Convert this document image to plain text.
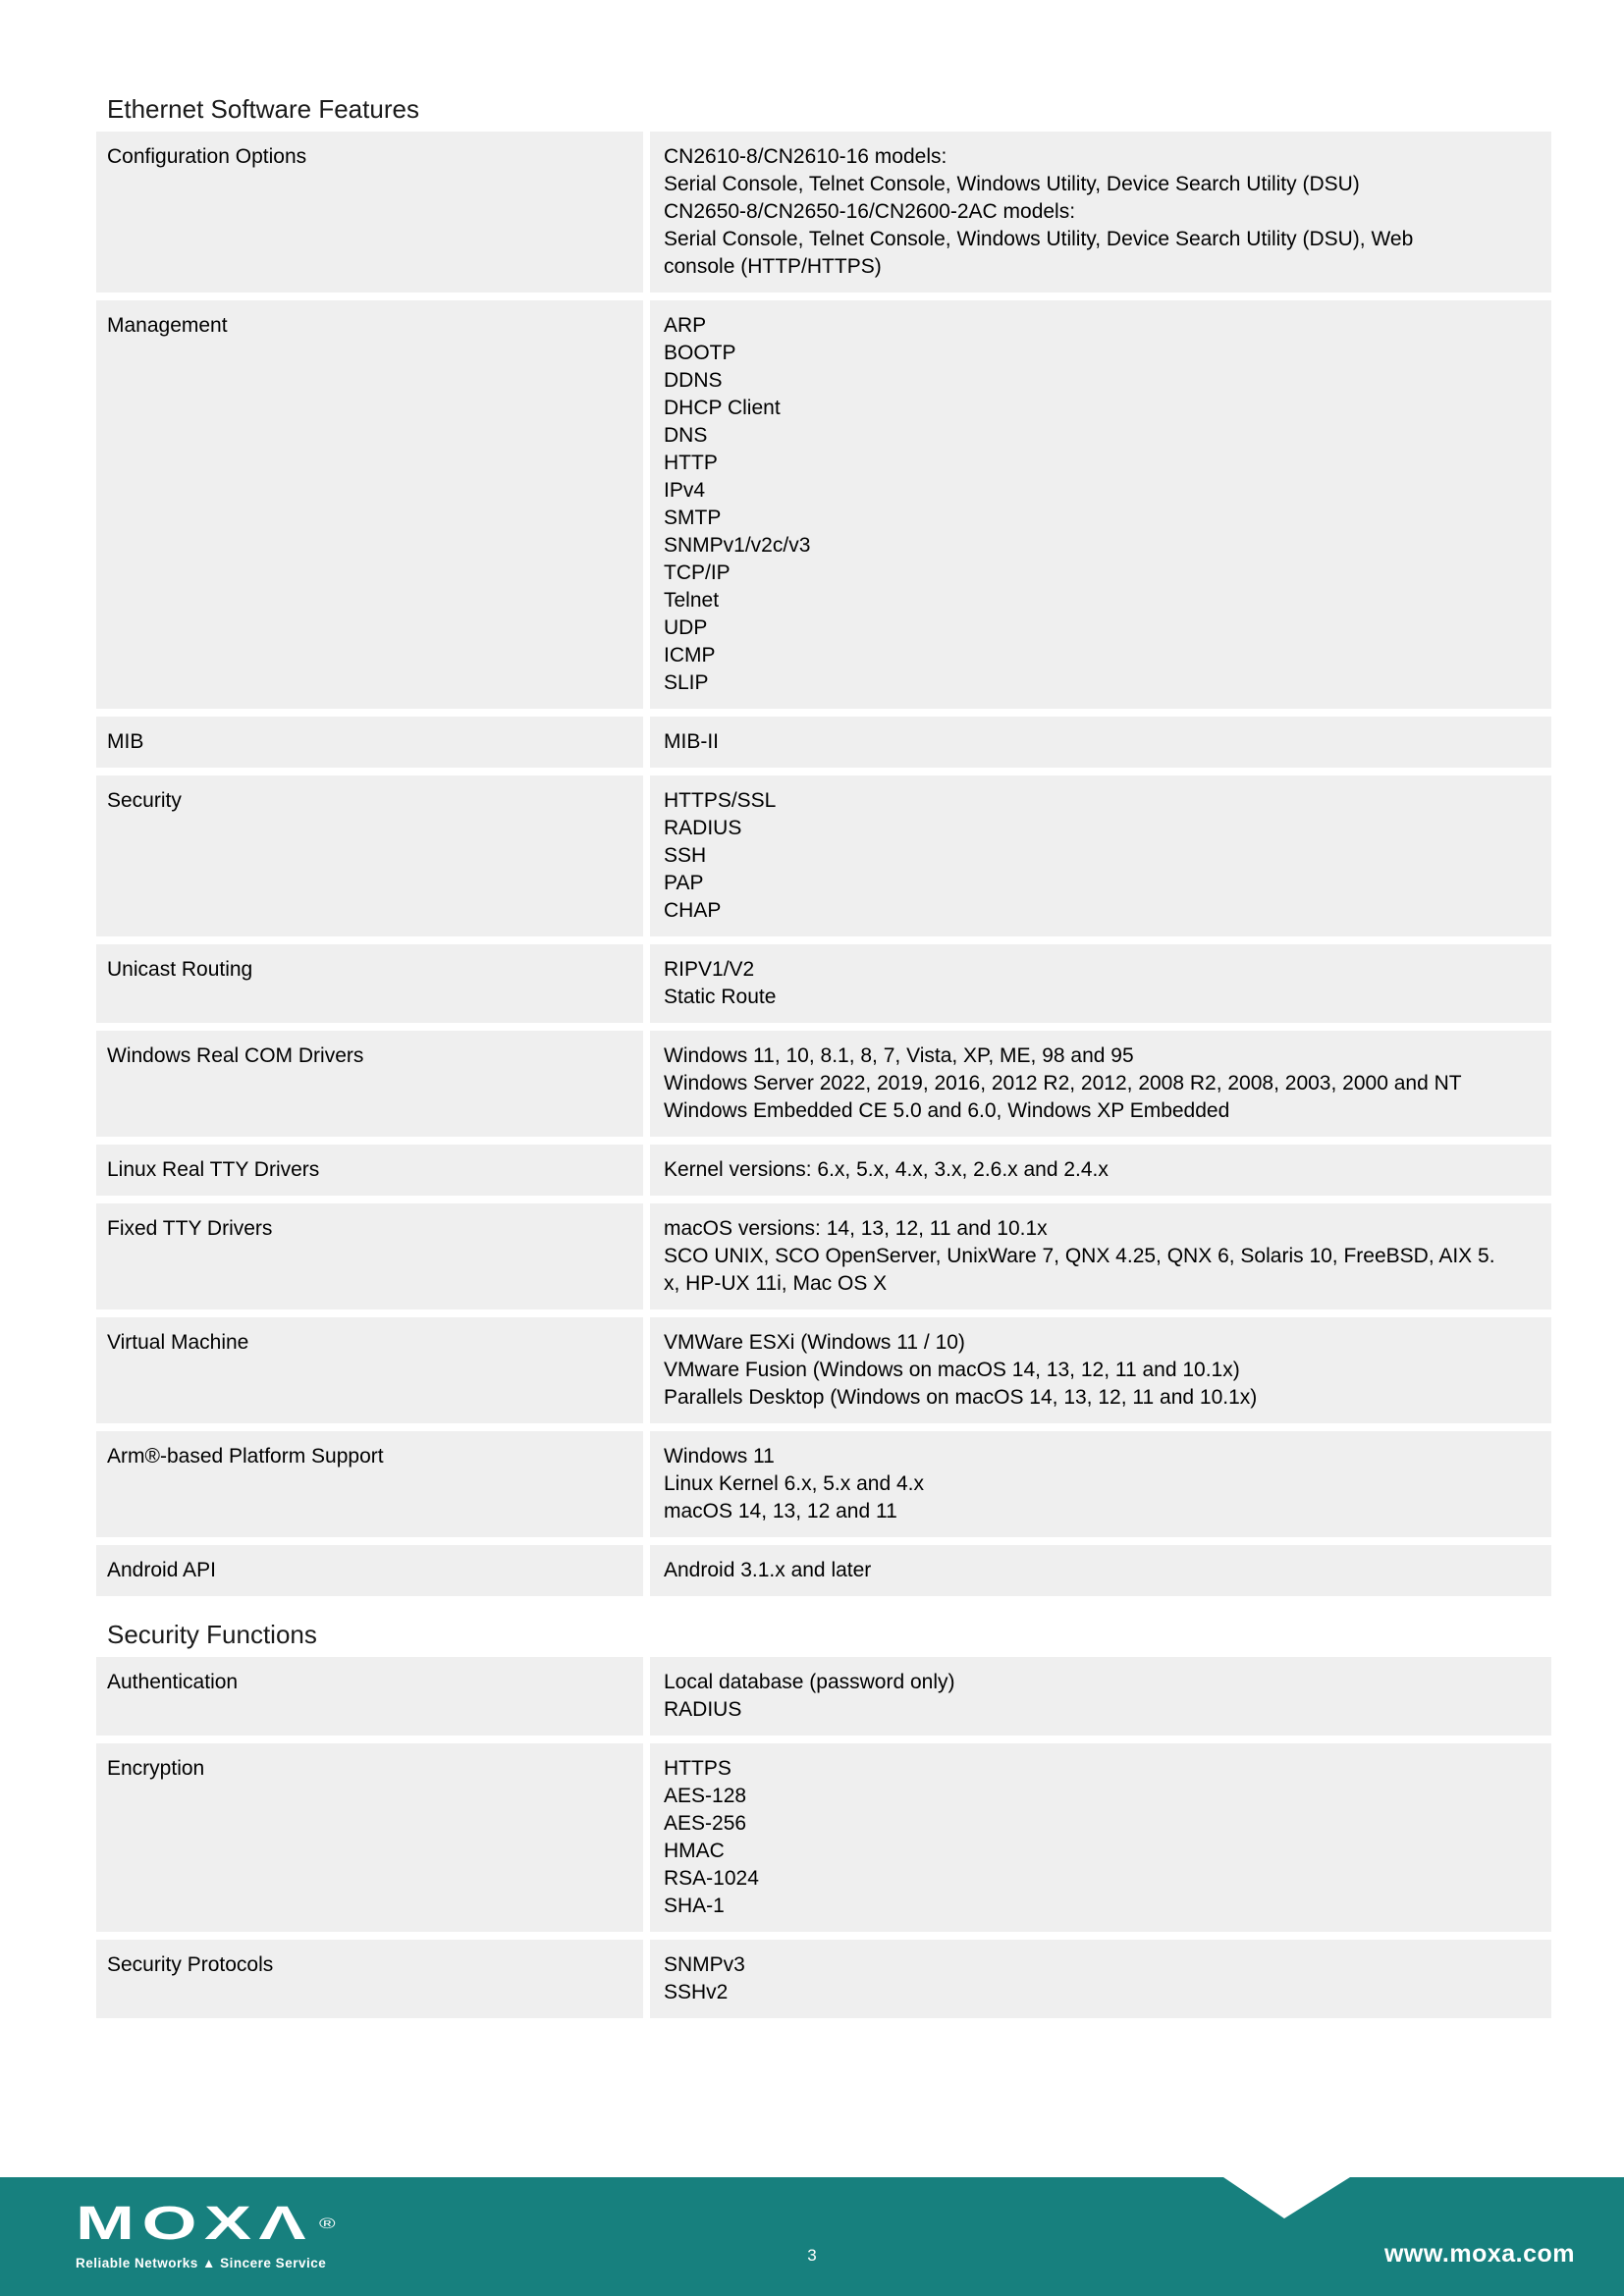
Ethernet Software Features
Configuration Options	CN2610-8/CN2610-16 models:
Serial Console, Telnet Console, Windows Utility, Device Search Utility (DSU)
CN2650-8/CN2650-16/CN2600-2AC models:
Serial Console, Telnet Console, Windows Utility, Device Search Utility (DSU), Web
console (HTTP/HTTPS)
Management	ARP
BOOTP
DDNS
DHCP Client
DNS
HTTP
IPv4
SMTP
SNMPv1/v2c/v3
TCP/IP
Telnet
UDP
ICMP
SLIP
MIB	MIB-II
Security	HTTPS/SSL
RADIUS
SSH
PAP
CHAP
Unicast Routing	RIPV1/V2
Static Route
Windows Real COM Drivers	Windows 11, 10, 8.1, 8, 7, Vista, XP, ME, 98 and 95
Windows Server 2022, 2019, 2016, 2012 R2, 2012, 2008 R2, 2008, 2003, 2000 and NT
Windows Embedded CE 5.0 and 6.0, Windows XP Embedded
Linux Real TTY Drivers	Kernel versions: 6.x, 5.x, 4.x, 3.x, 2.6.x and 2.4.x
Fixed TTY Drivers	macOS versions: 14, 13, 12, 11 and 10.1x
SCO UNIX, SCO OpenServer, UnixWare 7, QNX 4.25, QNX 6, Solaris 10, FreeBSD, AIX 5.
x, HP-UX 11i, Mac OS X
Virtual Machine	VMWare ESXi (Windows 11 / 10)
VMware Fusion (Windows on macOS 14, 13, 12, 11 and 10.1x)
Parallels Desktop (Windows on macOS 14, 13, 12, 11 and 10.1x)
Arm®-based Platform Support	Windows 11
Linux Kernel 6.x, 5.x and 4.x
macOS 14, 13, 12 and 11
Android API	Android 3.1.x and later
Security Functions
Authentication	Local database (password only)
RADIUS
Encryption	HTTPS
AES-128
AES-256
HMAC
RSA-1024
SHA-1
Security Protocols	SNMPv3
SSHv2
MOXΛ ®
Reliable Networks ▲ Sincere Service	3	www.moxa.com
